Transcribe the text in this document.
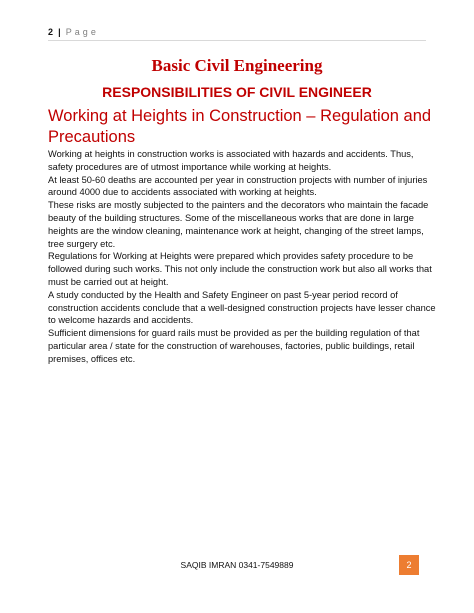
2 | P a g e
Basic Civil Engineering
RESPONSIBILITIES OF CIVIL ENGINEER
Working at Heights in Construction – Regulation and Precautions

Working at heights in construction works is associated with hazards and accidents. Thus, safety procedures are of utmost importance while working at heights.

At least 50-60 deaths are accounted per year in construction projects with number of injuries around 4000 due to accidents associated with working at heights.

These risks are mostly subjected to the painters and the decorators who maintain the facade beauty of the building structures. Some of the miscellaneous works that are done in large heights are the window cleaning, maintenance work at height, changing of the street lamps, tree surgery etc.

Regulations for Working at Heights were prepared which provides safety procedure to be followed during such works. This not only include the construction work but also all works that must be carried out at height.

A study conducted by the Health and Safety Engineer on past 5-year period record of construction accidents conclude that a well-designed construction projects have lesser chance to welcome hazards and accidents.

Sufficient dimensions for guard rails must be provided as per the building regulation of that particular area / state for the construction of warehouses, factories, public buildings, retail premises, offices etc.

SAQIB IMRAN 0341-7549889	2
